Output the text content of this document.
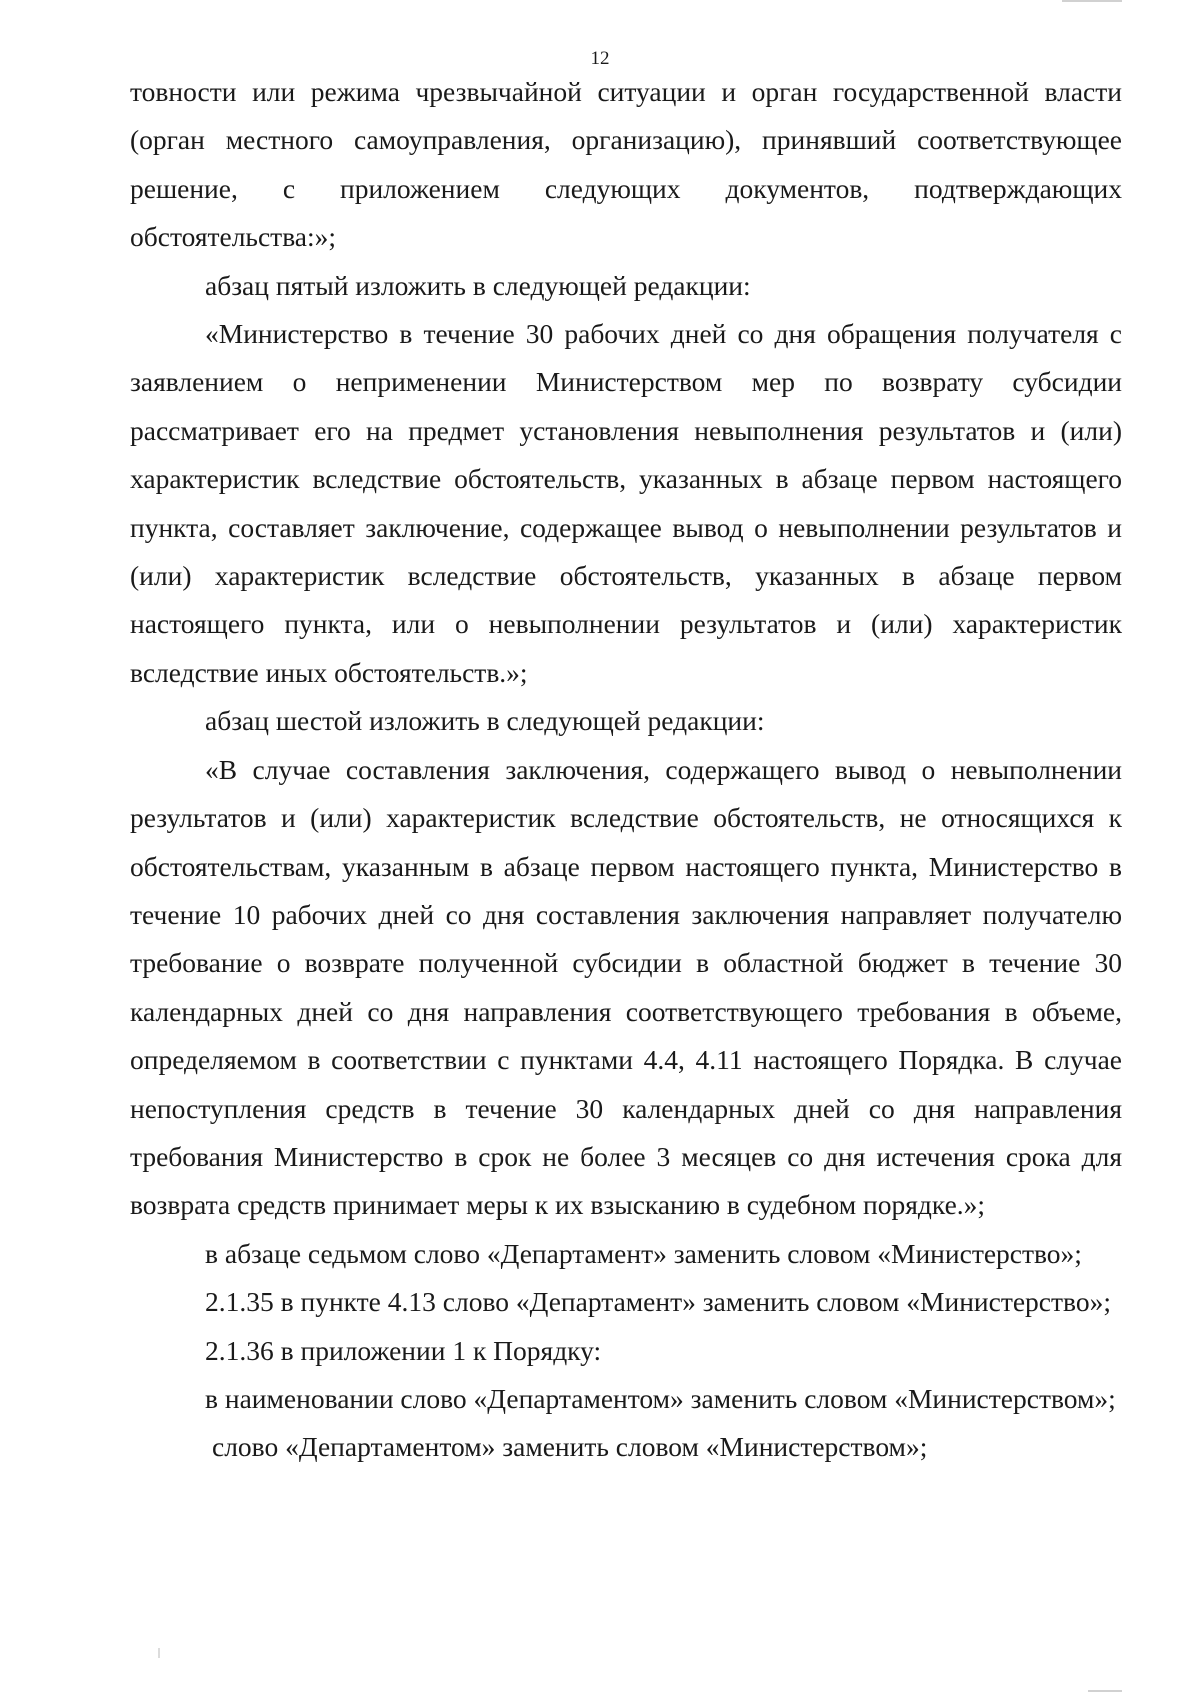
12

товности или режима чрезвычайной ситуации и орган государственной власти (орган местного самоуправления, организацию), принявший соответствующее решение, с приложением следующих документов, подтверждающих обстоятельства:»;

абзац пятый изложить в следующей редакции:

«Министерство в течение 30 рабочих дней со дня обращения получателя с заявлением о неприменении Министерством мер по возврату субсидии рассматривает его на предмет установления невыполнения результатов и (или) характеристик вследствие обстоятельств, указанных в абзаце первом настоящего пункта, составляет заключение, содержащее вывод о невыполнении результатов и (или) характеристик вследствие обстоятельств, указанных в абзаце первом настоящего пункта, или о невыполнении результатов и (или) характеристик вследствие иных обстоятельств.»;

абзац шестой изложить в следующей редакции:

«В случае составления заключения, содержащего вывод о невыполнении результатов и (или) характеристик вследствие обстоятельств, не относящихся к обстоятельствам, указанным в абзаце первом настоящего пункта, Министерство в течение 10 рабочих дней со дня составления заключения направляет получателю требование о возврате полученной субсидии в областной бюджет в течение 30 календарных дней со дня направления соответствующего требования в объеме, определяемом в соответствии с пунктами 4.4, 4.11 настоящего Порядка. В случае непоступления средств в течение 30 календарных дней со дня направления требования Министерство в срок не более 3 месяцев со дня истечения срока для возврата средств принимает меры к их взысканию в судебном порядке.»;

в абзаце седьмом слово «Департамент» заменить словом «Министерство»;

2.1.35 в пункте 4.13 слово «Департамент» заменить словом «Министерство»;

2.1.36 в приложении 1 к Порядку:

в наименовании слово «Департаментом» заменить словом «Министерством»;

слово «Департаментом» заменить словом «Министерством»;
